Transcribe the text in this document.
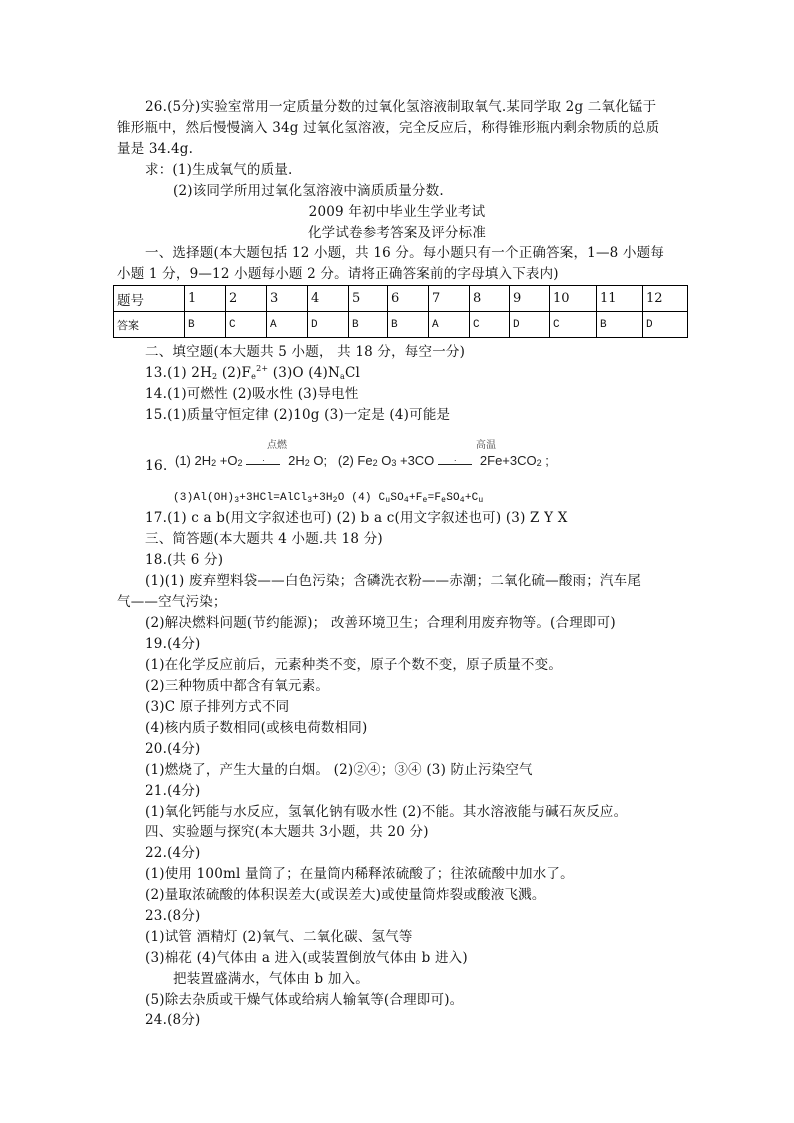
26.(5分)实验室常用一定质量分数的过氧化氢溶液制取氧气.某同学取 2g 二氧化锰于
锥形瓶中，然后慢慢滴入 34g 过氧化氢溶液，完全反应后，称得锥形瓶内剩余物质的总质
量是 34.4g.
求：(1)生成氧气的质量.
(2)该同学所用过氧化氢溶液中滴质质量分数.
2009 年初中毕业生学业考试
化学试卷参考答案及评分标准
一、选择题(本大题包括 12 小题，共 16 分。每小题只有一个正确答案，1—8 小题每
小题 1 分，9—12 小题每小题 2 分。请将正确答案前的字母填入下表内)
题号	1	2	3	4	5	6	7	8	9	10	11	12
答案	B	C	A	D	B	B	A	C	D	C	B	D
二、填空题(本大题共 5 小题， 共 18 分，每空一分)
13.(1) $2H_2$ $(2)F_e^{2+}$ (3)O $(4)N_aCl$
14.(1)可燃性 (2)吸水性 (3)导电性
15.(1)质量守恒定律 (2)10g (3)一定是 (4)可能是
16.
点燃	高温
(1) $2H_2 +O_2 \cdot 2H_2$ O; (2) $Fe_2$ $O_3 +3CO \cdot 2Fe+3CO_2$ ;
$(3)Al(OH)_3+3HCl=AlCl_3+3H_2O$ (4) $C_uSO_4+F_e=F_eSO_4+C_u$
17.(1) c a b(用文字叙述也可) (2) b a c(用文字叙述也可) (3) Z Y X
三、简答题(本大题共 4 小题.共 18 分)
18.(共 6 分)
(1)(1) 废弃塑料袋——白色污染；含磷洗衣粉——赤潮；二氧化硫—酸雨；汽车尾
气——空气污染；
(2)解决燃料问题(节约能源)； 改善环境卫生；合理利用废弃物等。(合理即可)
19.(4分)
(1)在化学反应前后，元素种类不变，原子个数不变，原子质量不变。
(2)三种物质中都含有氧元素。
(3)C 原子排列方式不同
(4)核内质子数相同(或核电荷数相同)
20.(4分)
(1)燃烧了，产生大量的白烟。 (2)②④；③④ (3) 防止污染空气
21.(4分)
(1)氧化钙能与水反应，氢氧化钠有吸水性 (2)不能。其水溶液能与碱石灰反应。
四、实验题与探究(本大题共 3小题，共 20 分)
22.(4分)
(1)使用 100ml 量筒了；在量筒内稀释浓硫酸了；往浓硫酸中加水了。
(2)量取浓硫酸的体积误差大(或误差大)或使量筒炸裂或酸液飞溅。
23.(8分)
(1)试管 酒精灯 (2)氧气、二氧化碳、氢气等
(3)棉花 (4)气体由 a 进入(或装置倒放气体由 b 进入)
把装置盛满水，气体由 b 加入。
(5)除去杂质或干燥气体或给病人输氧等(合理即可)。
24.(8分)
